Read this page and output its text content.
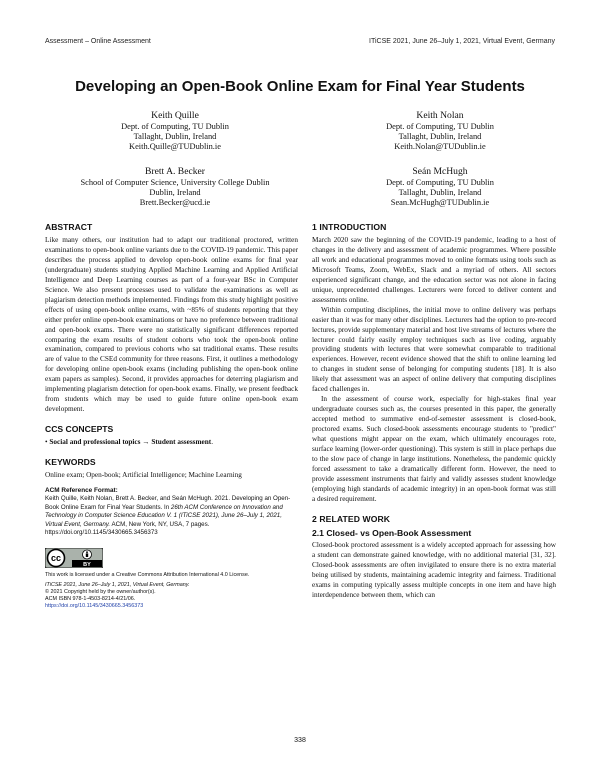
Assessment – Online Assessment	ITiCSE 2021, June 26–July 1, 2021, Virtual Event, Germany
Developing an Open-Book Online Exam for Final Year Students
Keith Quille
Dept. of Computing, TU Dublin
Tallaght, Dublin, Ireland
Keith.Quille@TUDublin.ie
Keith Nolan
Dept. of Computing, TU Dublin
Tallaght, Dublin, Ireland
Keith.Nolan@TUDublin.ie
Brett A. Becker
School of Computer Science, University College Dublin
Dublin, Ireland
Brett.Becker@ucd.ie
Seán McHugh
Dept. of Computing, TU Dublin
Tallaght, Dublin, Ireland
Sean.McHugh@TUDublin.ie
ABSTRACT

Like many others, our institution had to adapt our traditional proctored, written examinations to open-book online variants due to the COVID-19 pandemic. This paper describes the process applied to develop open-book online exams for final year (undergraduate) students studying Applied Machine Learning and Applied Artificial Intelligence and Deep Learning courses as part of a four-year BSc in Computer Science. We also present processes used to validate the examinations as well as plagiarism detection methods implemented. Findings from this study highlight positive effects of using open-book online exams, with ~85% of students reporting that they either prefer online open-book examinations or have no preference between traditional and open-book exams. There were no statistically significant differences reported comparing the exam results of student cohorts who took the open-book online examination, compared to previous cohorts who sat traditional exams. These results are of value to the CSEd community for three reasons. First, it outlines a methodology for developing online open-book exams (including publishing the open-book online exam papers as samples). Second, it provides approaches for deterring plagiarism and implementing plagiarism detection for open-book exams. Finally, we present feedback from students which may be used to guide future online open-book exam development.

CCS CONCEPTS

• Social and professional topics → Student assessment.

KEYWORDS

Online exam; Open-book; Artificial Intelligence; Machine Learning

ACM Reference Format:
Keith Quille, Keith Nolan, Brett A. Becker, and Seán McHugh. 2021. Developing an Open-Book Online Exam for Final Year Students. In 26th ACM Conference on Innovation and Technology in Computer Science Education V. 1 (ITiCSE 2021), June 26–July 1, 2021, Virtual Event, Germany. ACM, New York, NY, USA, 7 pages. https://doi.org/10.1145/3430665.3456373
cc
BY
This work is licensed under a Creative Commons Attribution International 4.0 License.
ITiCSE 2021, June 26–July 1, 2021, Virtual Event, Germany.
© 2021 Copyright held by the owner/author(s).
ACM ISBN 978-1-4503-8214-4/21/06.
https://doi.org/10.1145/3430665.3456373
1 INTRODUCTION

March 2020 saw the beginning of the COVID-19 pandemic, leading to a host of changes in the delivery and assessment of academic programmes. Where possible all work and educational programmes moved to online formats using tools such as Microsoft Teams, Zoom, WebEx, Slack and a myriad of others. All sectors experienced significant change, and the education sector was not alone in facing unique, unprecedented challenges. Lecturers were forced to deliver content and assessments online.

Within computing disciplines, the initial move to online delivery was perhaps easier than it was for many other disciplines. Lecturers had the option to pre-record lectures, provide supplementary material and host live streams of lectures where the lecturer could fairly easily employ techniques such as live coding, arguably providing students with lectures that were somewhat comparable to traditional experiences. However, recent evidence showed that the shift to online learning led to changes in student sense of belonging for computing students [18]. It is also likely that assessment was an aspect of online delivery that computing disciplines faced challenges in.

In the assessment of course work, especially for high-stakes final year undergraduate courses such as, the courses presented in this paper, the generally accepted method to summative end-of-semester assessment is closed-book, proctored exams. Such closed-book assessments encourage students to "predict" what questions might appear on the exam, which ultimately encourages rote, surface learning (lower-order questioning). This system is still in place perhaps due to the slow pace of change in large institutions. Nonetheless, the pandemic quickly forced assessment to take a dramatically different form. However, the need to provide assessment instruments that fairly and validly assesses student knowledge (employing high standards of academic integrity) in an open-book format was still a desired requirement.

2 RELATED WORK
2.1 Closed- vs Open-Book Assessment

Closed-book proctored assessment is a widely accepted approach for assessing how a student can demonstrate gained knowledge, with no additional material [31, 32]. Closed-book assessments are often invigilated to ensure there is no extra material being utilised by students, maintaining academic integrity and fairness. Traditional exams in computing typically assess multiple concepts in one item and have high interdependence between them, which can

338
